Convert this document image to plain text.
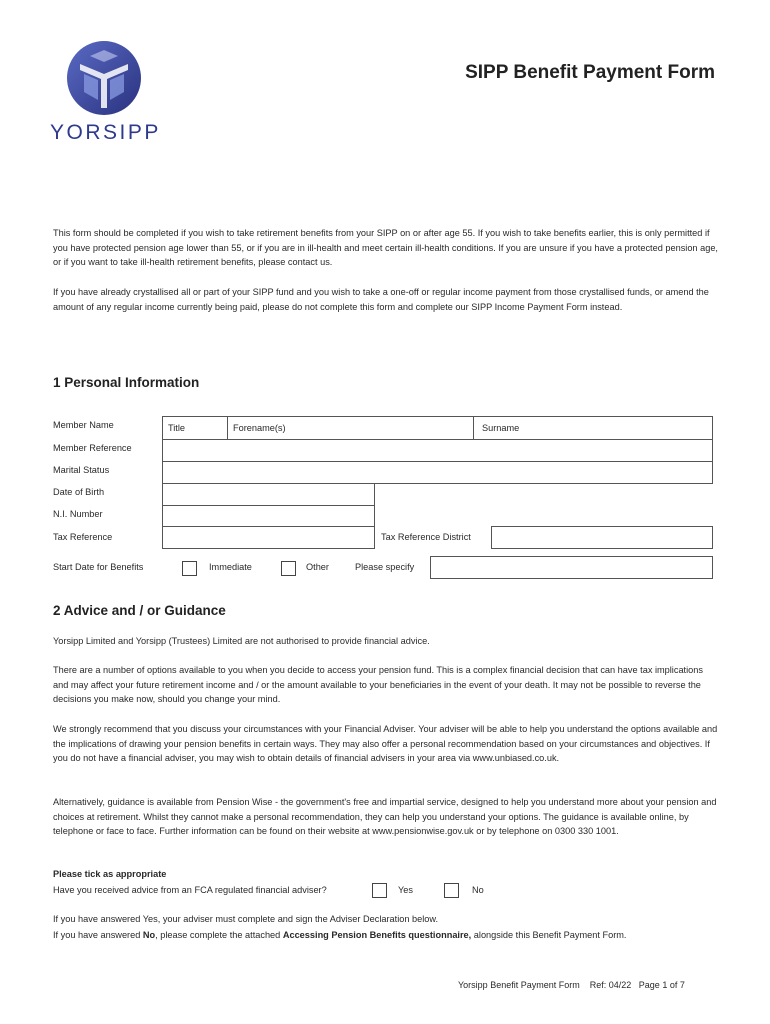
YORSIPP
SIPP Benefit Payment Form
This form should be completed if you wish to take retirement benefits from your SIPP on or after age 55. If you wish to take benefits earlier, this is only permitted if you have protected pension age lower than 55, or if you are in ill-health and meet certain ill-health conditions. If you are unsure if you have a protected pension age, or if you want to take ill-health retirement benefits, please contact us.
If you have already crystallised all or part of your SIPP fund and you wish to take a one-off or regular income payment from those crystallised funds, or amend the amount of any regular income currently being paid, please do not complete this form and complete our SIPP Income Payment Form instead.
1 Personal Information
Member Name	Title	Forename(s)	Surname
Member Reference
Marital Status
Date of Birth
N.I. Number
Tax Reference	Tax Reference District
Start Date for Benefits	Immediate	Other	Please specify
2 Advice and / or Guidance
Yorsipp Limited and Yorsipp (Trustees) Limited are not authorised to provide financial advice.
There are a number of options available to you when you decide to access your pension fund. This is a complex financial decision that can have tax implications and may affect your future retirement income and / or the amount available to your beneficiaries in the event of your death. It may not be possible to reverse the decisions you make now, should you change your mind.
We strongly recommend that you discuss your circumstances with your Financial Adviser. Your adviser will be able to help you understand the options available and the implications of drawing your pension benefits in certain ways. They may also offer a personal recommendation based on your circumstances and objectives. If you do not have a financial adviser, you may wish to obtain details of financial advisers in your area via www.unbiased.co.uk.
Alternatively, guidance is available from Pension Wise - the government's free and impartial service, designed to help you understand more about your pension and choices at retirement. Whilst they cannot make a personal recommendation, they can help you understand your options. The guidance is available online, by telephone or face to face. Further information can be found on their website at www.pensionwise.gov.uk or by telephone on 0300 330 1001.
Please tick as appropriate
Have you received advice from an FCA regulated financial adviser?	Yes	No
If you have answered Yes, your adviser must complete and sign the Adviser Declaration below.
If you have answered No, please complete the attached Accessing Pension Benefits questionnaire, alongside this Benefit Payment Form.
Yorsipp Benefit Payment Form Ref: 04/22 Page 1 of 7
